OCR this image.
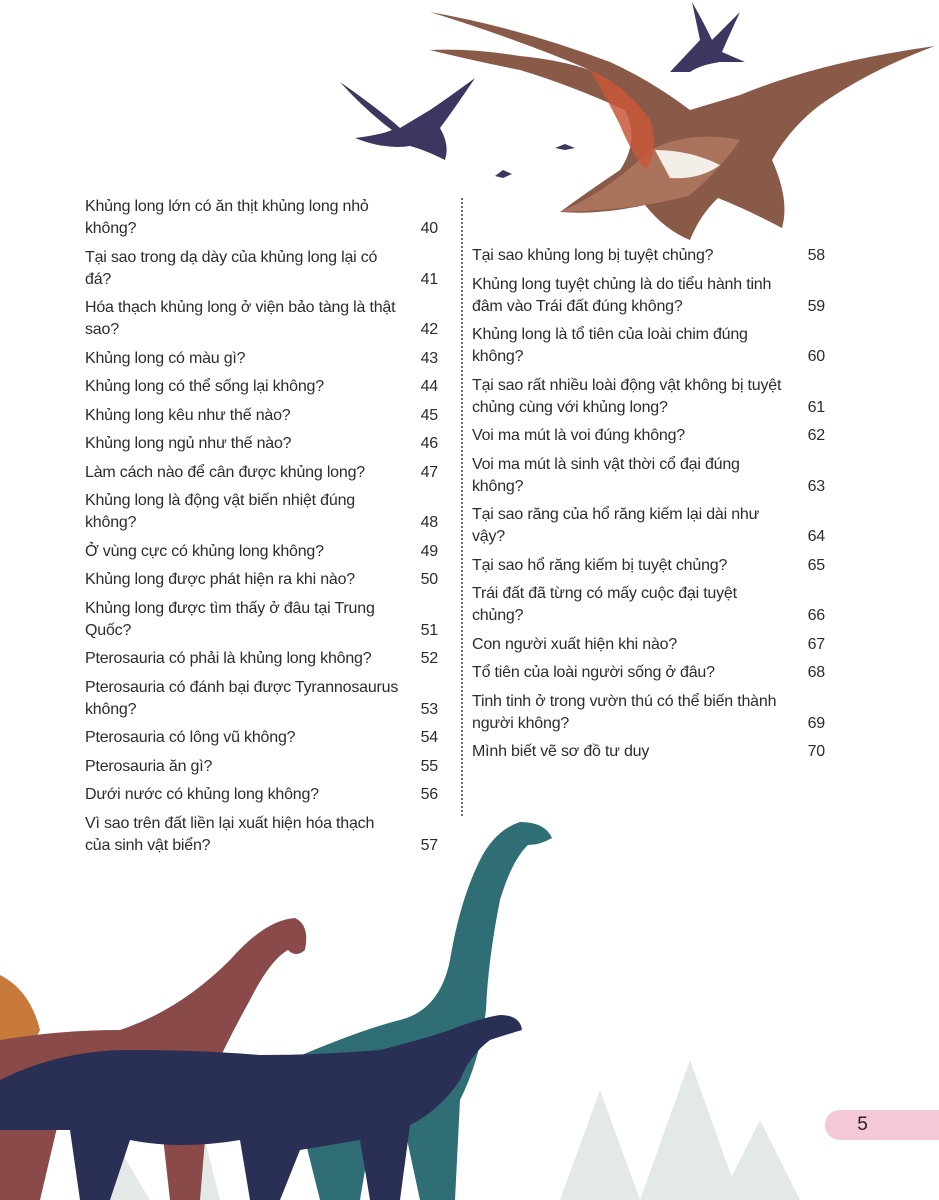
Khủng long lớn có ăn thịt khủng long nhỏ không?	40
Tại sao trong dạ dày của khủng long lại có đá?	41
Hóa thạch khủng long ở viện bảo tàng là thật sao?	42
Khủng long có màu gì?	43
Khủng long có thể sống lại không?	44
Khủng long kêu như thế nào?	45
Khủng long ngủ như thế nào?	46
Làm cách nào để cân được khủng long?	47
Khủng long là động vật biến nhiệt đúng không?	48
Ở vùng cực có khủng long không?	49
Khủng long được phát hiện ra khi nào?	50
Khủng long được tìm thấy ở đâu tại Trung Quốc?	51
Pterosauria có phải là khủng long không?	52
Pterosauria có đánh bại được Tyrannosaurus không?	53
Pterosauria có lông vũ không?	54
Pterosauria ăn gì?	55
Dưới nước có khủng long không?	56
Vì sao trên đất liền lại xuất hiện hóa thạch của sinh vật biển?	57
Tại sao khủng long bị tuyệt chủng?	58
Khủng long tuyệt chủng là do tiểu hành tinh đâm vào Trái đất đúng không?	59
Khủng long là tổ tiên của loài chim đúng không?	60
Tại sao rất nhiều loài động vật không bị tuyệt chủng cùng với khủng long?	61
Voi ma mút là voi đúng không?	62
Voi ma mút là sinh vật thời cổ đại đúng không?	63
Tại sao răng của hổ răng kiếm lại dài như vậy?	64
Tại sao hổ răng kiếm bị tuyệt chủng?	65
Trái đất đã từng có mấy cuộc đại tuyệt chủng?	66
Con người xuất hiện khi nào?	67
Tổ tiên của loài người sống ở đâu?	68
Tinh tinh ở trong vườn thú có thể biến thành người không?	69
Mình biết vẽ sơ đồ tư duy	70
5
